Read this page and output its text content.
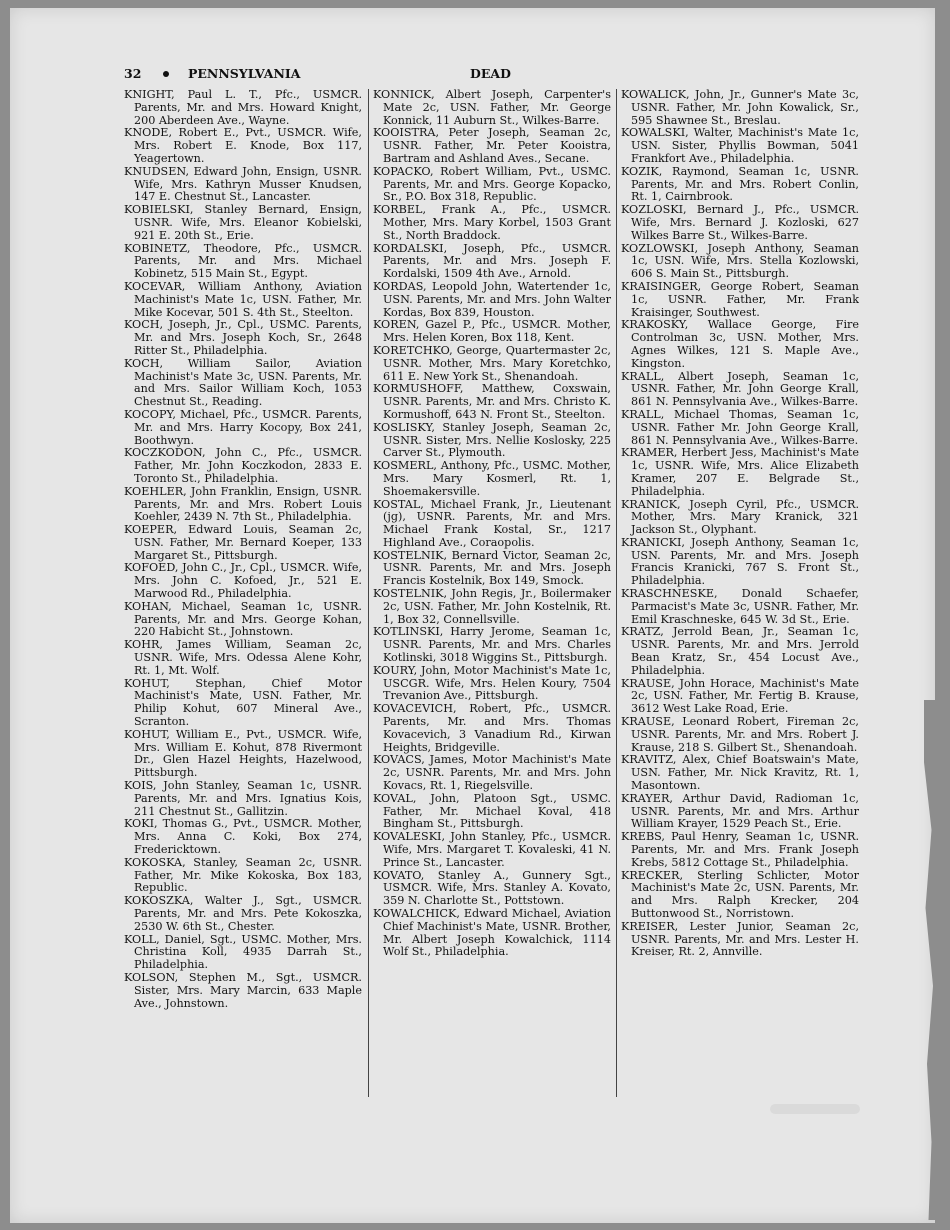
32	PENNSYLVANIA	DEAD

KNIGHT, Paul L. T., Pfc., USMCR. Parents, Mr. and Mrs. Howard Knight, 200 Aberdeen Ave., Wayne.

KNODE, Robert E., Pvt., USMCR. Wife, Mrs. Robert E. Knode, Box 117, Yeagertown.

KNUDSEN, Edward John, Ensign, USNR. Wife, Mrs. Kathryn Musser Knudsen, 147 E. Chestnut St., Lancaster.

KOBIELSKI, Stanley Bernard, Ensign, USNR. Wife, Mrs. Eleanor Kobielski, 921 E. 20th St., Erie.

KOBINETZ, Theodore, Pfc., USMCR. Parents, Mr. and Mrs. Michael Kobinetz, 515 Main St., Egypt.

KOCEVAR, William Anthony, Aviation Machinist's Mate 1c, USN. Father, Mr. Mike Kocevar, 501 S. 4th St., Steelton.

KOCH, Joseph, Jr., Cpl., USMC. Parents, Mr. and Mrs. Joseph Koch, Sr., 2648 Ritter St., Philadelphia.

KOCH, William Sailor, Aviation Machinist's Mate 3c, USN. Parents, Mr. and Mrs. Sailor William Koch, 1053 Chestnut St., Reading.

KOCOPY, Michael, Pfc., USMCR. Parents, Mr. and Mrs. Harry Kocopy, Box 241, Boothwyn.

KOCZKODON, John C., Pfc., USMCR. Father, Mr. John Koczkodon, 2833 E. Toronto St., Philadelphia.

KOEHLER, John Franklin, Ensign, USNR. Parents, Mr. and Mrs. Robert Louis Koehler, 2439 N. 7th St., Philadelphia.

KOEPER, Edward Louis, Seaman 2c, USN. Father, Mr. Bernard Koeper, 133 Margaret St., Pittsburgh.

KOFOED, John C., Jr., Cpl., USMCR. Wife, Mrs. John C. Kofoed, Jr., 521 E. Marwood Rd., Philadelphia.

KOHAN, Michael, Seaman 1c, USNR. Parents, Mr. and Mrs. George Kohan, 220 Habicht St., Johnstown.

KOHR, James William, Seaman 2c, USNR. Wife, Mrs. Odessa Alene Kohr, Rt. 1, Mt. Wolf.

KOHUT, Stephan, Chief Motor Machinist's Mate, USN. Father, Mr. Philip Kohut, 607 Mineral Ave., Scranton.

KOHUT, William E., Pvt., USMCR. Wife, Mrs. William E. Kohut, 878 Rivermont Dr., Glen Hazel Heights, Hazelwood, Pittsburgh.

KOIS, John Stanley, Seaman 1c, USNR. Parents, Mr. and Mrs. Ignatius Kois, 211 Chestnut St., Gallitzin.

KOKI, Thomas G., Pvt., USMCR. Mother, Mrs. Anna C. Koki, Box 274, Fredericktown.

KOKOSKA, Stanley, Seaman 2c, USNR. Father, Mr. Mike Kokoska, Box 183, Republic.

KOKOSZKA, Walter J., Sgt., USMCR. Parents, Mr. and Mrs. Pete Kokoszka, 2530 W. 6th St., Chester.

KOLL, Daniel, Sgt., USMC. Mother, Mrs. Christina Koll, 4935 Darrah St., Philadelphia.

KOLSON, Stephen M., Sgt., USMCR. Sister, Mrs. Mary Marcin, 633 Maple Ave., Johnstown.

KONNICK, Albert Joseph, Carpenter's Mate 2c, USN. Father, Mr. George Konnick, 11 Auburn St., Wilkes-Barre.

KOOISTRA, Peter Joseph, Seaman 2c, USNR. Father, Mr. Peter Kooistra, Bartram and Ashland Aves., Secane.

KOPACKO, Robert William, Pvt., USMC. Parents, Mr. and Mrs. George Kopacko, Sr., P.O. Box 318, Republic.

KORBEL, Frank A., Pfc., USMCR. Mother, Mrs. Mary Korbel, 1503 Grant St., North Braddock.

KORDALSKI, Joseph, Pfc., USMCR. Parents, Mr. and Mrs. Joseph F. Kordalski, 1509 4th Ave., Arnold.

KORDAS, Leopold John, Watertender 1c, USN. Parents, Mr. and Mrs. John Walter Kordas, Box 839, Houston.

KOREN, Gazel P., Pfc., USMCR. Mother, Mrs. Helen Koren, Box 118, Kent.

KORETCHKO, George, Quartermaster 2c, USNR. Mother, Mrs. Mary Koretchko, 611 E. New York St., Shenandoah.

KORMUSHOFF, Matthew, Coxswain, USNR. Parents, Mr. and Mrs. Christo K. Kormushoff, 643 N. Front St., Steelton.

KOSLISKY, Stanley Joseph, Seaman 2c, USNR. Sister, Mrs. Nellie Koslosky, 225 Carver St., Plymouth.

KOSMERL, Anthony, Pfc., USMC. Mother, Mrs. Mary Kosmerl, Rt. 1, Shoemakersville.

KOSTAL, Michael Frank, Jr., Lieutenant (jg), USNR. Parents, Mr. and Mrs. Michael Frank Kostal, Sr., 1217 Highland Ave., Coraopolis.

KOSTELNIK, Bernard Victor, Seaman 2c, USNR. Parents, Mr. and Mrs. Joseph Francis Kostelnik, Box 149, Smock.

KOSTELNIK, John Regis, Jr., Boilermaker 2c, USN. Father, Mr. John Kostelnik, Rt. 1, Box 32, Connellsville.

KOTLINSKI, Harry Jerome, Seaman 1c, USNR. Parents, Mr. and Mrs. Charles Kotlinski, 3018 Wiggins St., Pittsburgh.

KOURY, John, Motor Machinist's Mate 1c, USCGR. Wife, Mrs. Helen Koury, 7504 Trevanion Ave., Pittsburgh.

KOVACEVICH, Robert, Pfc., USMCR. Parents, Mr. and Mrs. Thomas Kovacevich, 3 Vanadium Rd., Kirwan Heights, Bridgeville.

KOVACS, James, Motor Machinist's Mate 2c, USNR. Parents, Mr. and Mrs. John Kovacs, Rt. 1, Riegelsville.

KOVAL, John, Platoon Sgt., USMC. Father, Mr. Michael Koval, 418 Bingham St., Pittsburgh.

KOVALESKI, John Stanley, Pfc., USMCR. Wife, Mrs. Margaret T. Kovaleski, 41 N. Prince St., Lancaster.

KOVATO, Stanley A., Gunnery Sgt., USMCR. Wife, Mrs. Stanley A. Kovato, 359 N. Charlotte St., Pottstown.

KOWALCHICK, Edward Michael, Aviation Chief Machinist's Mate, USNR. Brother, Mr. Albert Joseph Kowalchick, 1114 Wolf St., Philadelphia.

KOWALICK, John, Jr., Gunner's Mate 3c, USNR. Father, Mr. John Kowalick, Sr., 595 Shawnee St., Breslau.

KOWALSKI, Walter, Machinist's Mate 1c, USN. Sister, Phyllis Bowman, 5041 Frankfort Ave., Philadelphia.

KOZIK, Raymond, Seaman 1c, USNR. Parents, Mr. and Mrs. Robert Conlin, Rt. 1, Cairnbrook.

KOZLOSKI, Bernard J., Pfc., USMCR. Wife, Mrs. Bernard J. Kozloski, 627 Wilkes Barre St., Wilkes-Barre.

KOZLOWSKI, Joseph Anthony, Seaman 1c, USN. Wife, Mrs. Stella Kozlowski, 606 S. Main St., Pittsburgh.

KRAISINGER, George Robert, Seaman 1c, USNR. Father, Mr. Frank Kraisinger, Southwest.

KRAKOSKY, Wallace George, Fire Controlman 3c, USN. Mother, Mrs. Agnes Wilkes, 121 S. Maple Ave., Kingston.

KRALL, Albert Joseph, Seaman 1c, USNR. Father, Mr. John George Krall, 861 N. Pennsylvania Ave., Wilkes-Barre.

KRALL, Michael Thomas, Seaman 1c, USNR. Father Mr. John George Krall, 861 N. Pennsylvania Ave., Wilkes-Barre.

KRAMER, Herbert Jess, Machinist's Mate 1c, USNR. Wife, Mrs. Alice Elizabeth Kramer, 207 E. Belgrade St., Philadelphia.

KRANICK, Joseph Cyril, Pfc., USMCR. Mother, Mrs. Mary Kranick, 321 Jackson St., Olyphant.

KRANICKI, Joseph Anthony, Seaman 1c, USN. Parents, Mr. and Mrs. Joseph Francis Kranicki, 767 S. Front St., Philadelphia.

KRASCHNESKE, Donald Schaefer, Parmacist's Mate 3c, USNR. Father, Mr. Emil Kraschneske, 645 W. 3d St., Erie.

KRATZ, Jerrold Bean, Jr., Seaman 1c, USNR. Parents, Mr. and Mrs. Jerrold Bean Kratz, Sr., 454 Locust Ave., Philadelphia.

KRAUSE, John Horace, Machinist's Mate 2c, USN. Father, Mr. Fertig B. Krause, 3612 West Lake Road, Erie.

KRAUSE, Leonard Robert, Fireman 2c, USNR. Parents, Mr. and Mrs. Robert J. Krause, 218 S. Gilbert St., Shenandoah.

KRAVITZ, Alex, Chief Boatswain's Mate, USN. Father, Mr. Nick Kravitz, Rt. 1, Masontown.

KRAYER, Arthur David, Radioman 1c, USNR. Parents, Mr. and Mrs. Arthur William Krayer, 1529 Peach St., Erie.

KREBS, Paul Henry, Seaman 1c, USNR. Parents, Mr. and Mrs. Frank Joseph Krebs, 5812 Cottage St., Philadelphia.

KRECKER, Sterling Schlicter, Motor Machinist's Mate 2c, USN. Parents, Mr. and Mrs. Ralph Krecker, 204 Buttonwood St., Norristown.

KREISER, Lester Junior, Seaman 2c, USNR. Parents, Mr. and Mrs. Lester H. Kreiser, Rt. 2, Annville.
